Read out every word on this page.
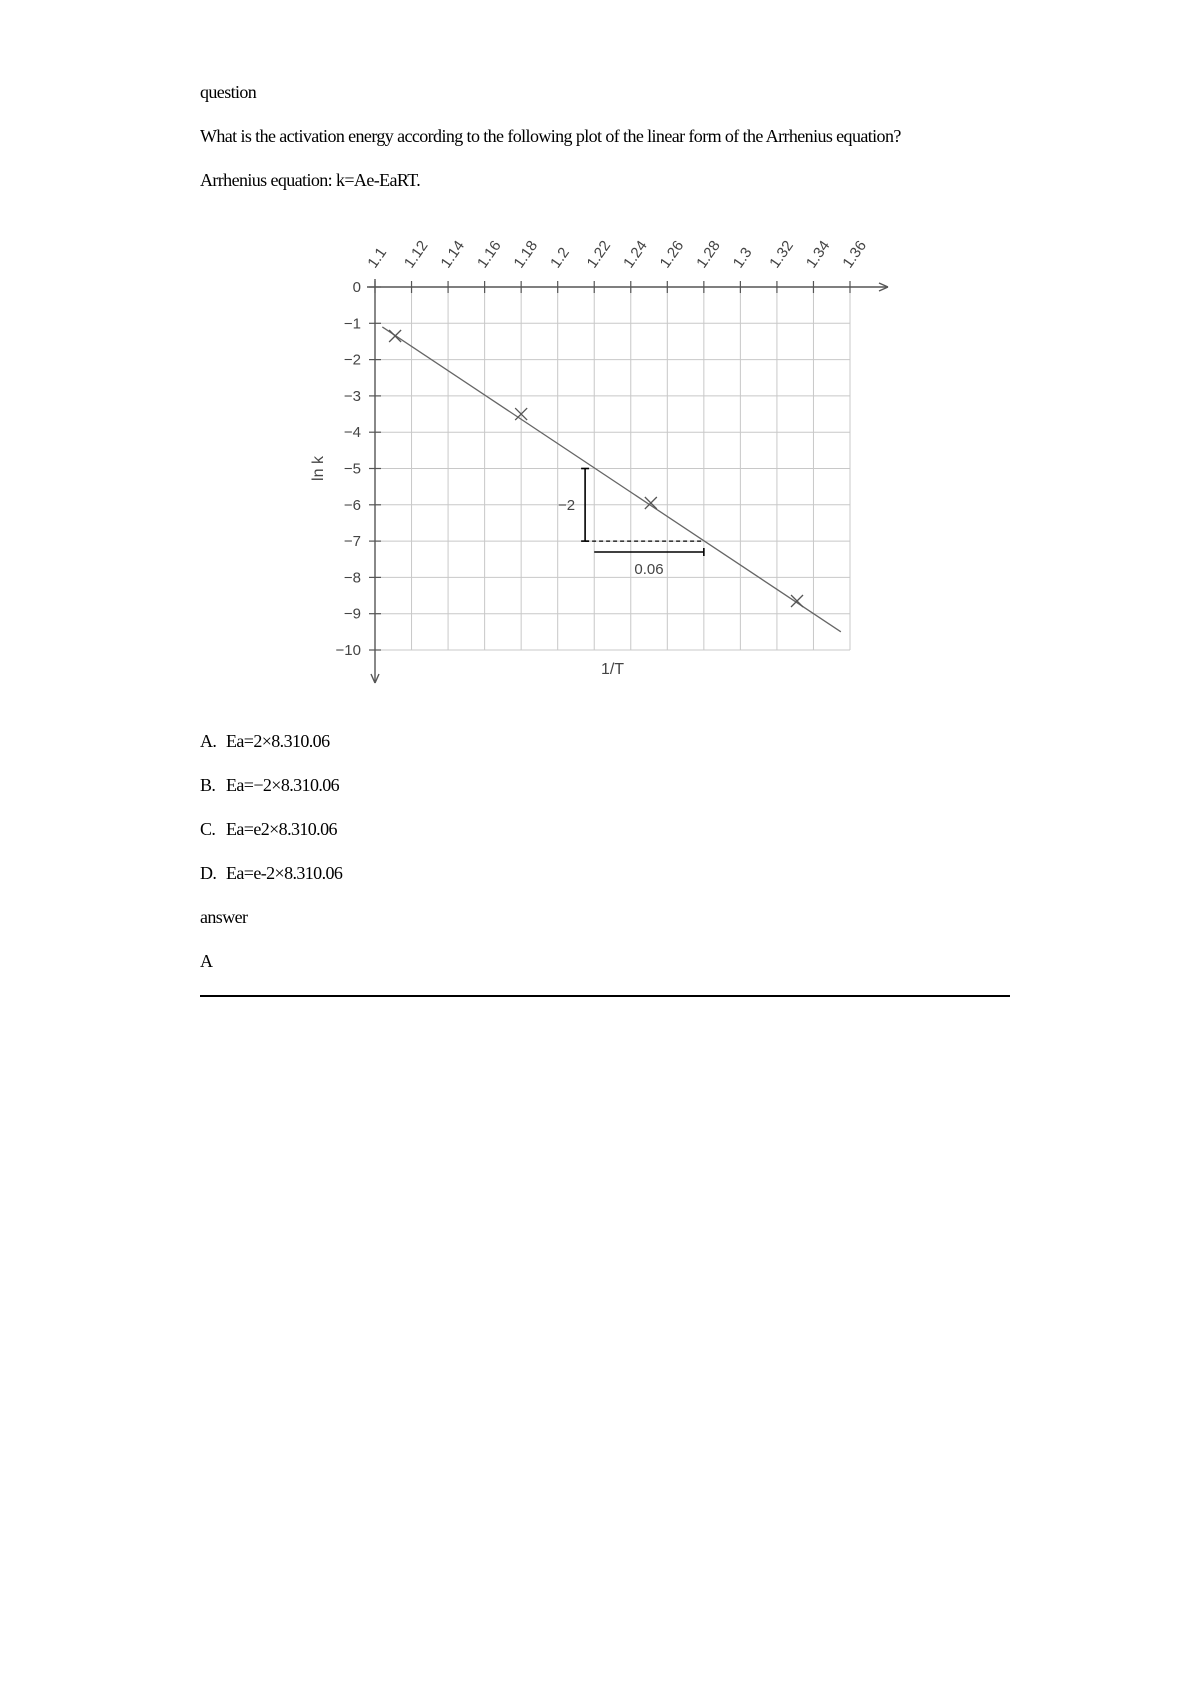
question
What is the activation energy according to the following plot of the linear form of the Arrhenius equation?
Arrhenius equation: k=Ae-EaRT.
A. Ea=2×8.310.06
B. Ea=−2×8.310.06
C. Ea=e2×8.310.06
D. Ea=e-2×8.310.06
answer
A
1.1 1.12 1.14 1.16 1.18 1.2 1.22 1.24 1.26 1.28 1.3 1.32 1.34 1.36
0
−1
−2
−3
−4
−5
−6
−7
−8
−9
−10
ln k
1/T
−2
0.06
